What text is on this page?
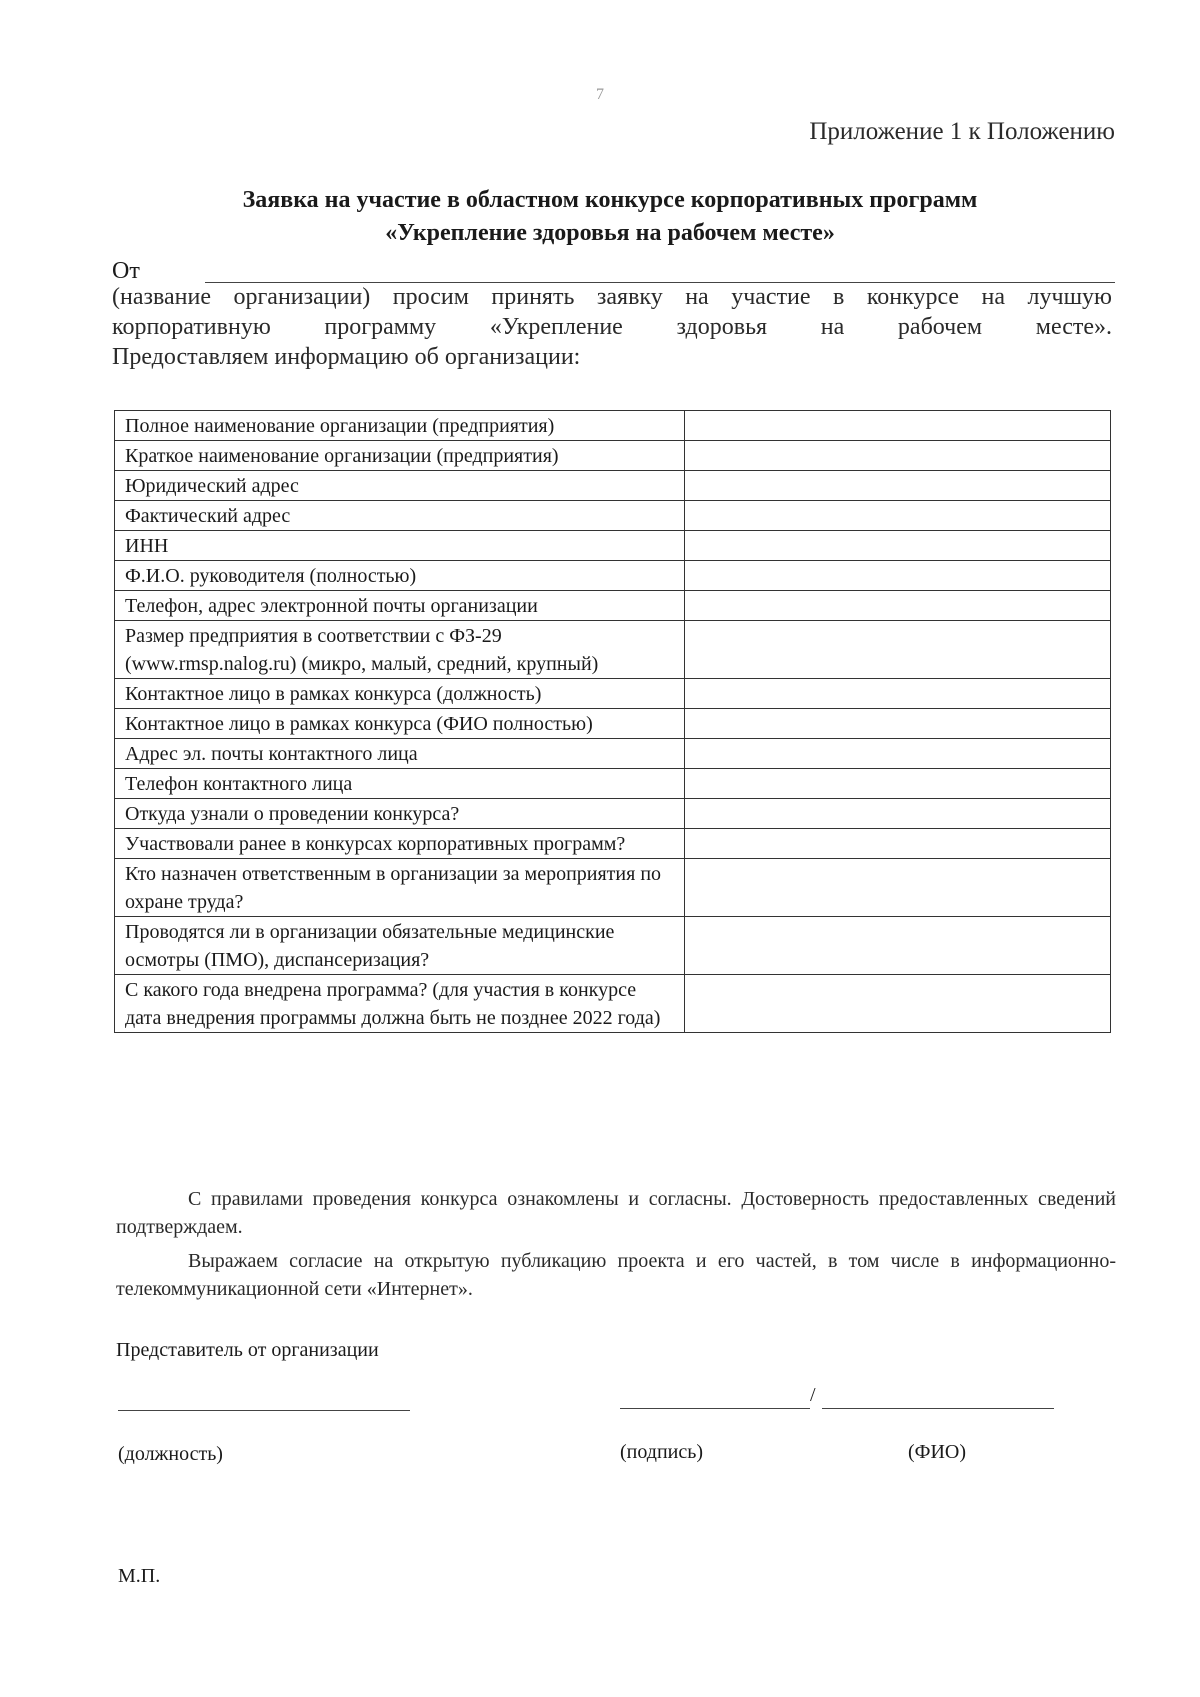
7
Приложение 1 к Положению
Заявка на участие в областном конкурсе корпоративных программ
«Укрепление здоровья на рабочем месте»
От

(название организации) просим принять заявку на участие в конкурсе на лучшую

корпоративную программу «Укрепление здоровья на рабочем месте».

Предоставляем информацию об организации:

Полное наименование организации (предприятия)	
Краткое наименование организации (предприятия)	
Юридический адрес	
Фактический адрес	
ИНН	
Ф.И.О. руководителя (полностью)	
Телефон, адрес электронной почты организации	
Размер предприятия в соответствии с ФЗ-29 (www.rmsp.nalog.ru) (микро, малый, средний, крупный)	
Контактное лицо в рамках конкурса (должность)	
Контактное лицо в рамках конкурса (ФИО полностью)	
Адрес эл. почты контактного лица	
Телефон контактного лица	
Откуда узнали о проведении конкурса?	
Участвовали ранее в конкурсах корпоративных программ?	
Кто назначен ответственным в организации за мероприятия по охране труда?	
Проводятся ли в организации обязательные медицинские осмотры (ПМО), диспансеризация?	
С какого года внедрена программа? (для участия в конкурсе дата внедрения программы должна быть не позднее 2022 года)	

С правилами проведения конкурса ознакомлены и согласны. Достоверность предоставленных сведений подтверждаем.

Выражаем согласие на открытую публикацию проекта и его частей, в том числе в информационно-телекоммуникационной сети «Интернет».

Представитель от организации
/
(должность)	(подпись)	(ФИО)
М.П.
